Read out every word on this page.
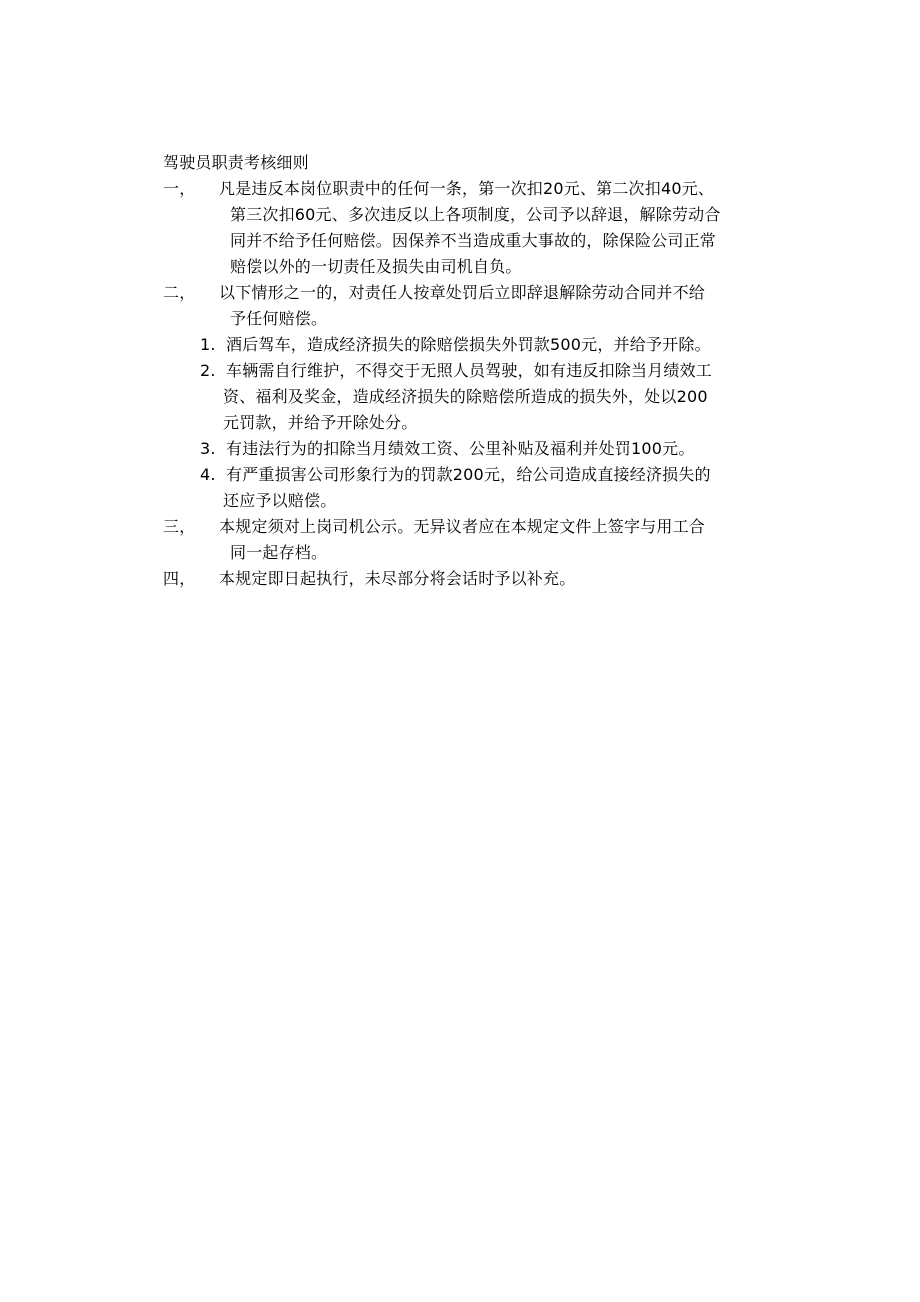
驾驶员职责考核细则
一，	凡是违反本岗位职责中的任何一条，第一次扣20元、第二次扣40元、
第三次扣60元、多次违反以上各项制度，公司予以辞退，解除劳动合
同并不给予任何赔偿。因保养不当造成重大事故的，除保险公司正常
赔偿以外的一切责任及损失由司机自负。
二，	以下情形之一的，对责任人按章处罚后立即辞退解除劳动合同并不给
予任何赔偿。
1. 酒后驾车，造成经济损失的除赔偿损失外罚款500元，并给予开除。
2. 车辆需自行维护，不得交于无照人员驾驶，如有违反扣除当月绩效工
资、福利及奖金，造成经济损失的除赔偿所造成的损失外，处以200
元罚款，并给予开除处分。
3. 有违法行为的扣除当月绩效工资、公里补贴及福利并处罚100元。
4. 有严重损害公司形象行为的罚款200元，给公司造成直接经济损失的
还应予以赔偿。
三，	本规定须对上岗司机公示。无异议者应在本规定文件上签字与用工合
同一起存档。
四，	本规定即日起执行，未尽部分将会话时予以补充。
